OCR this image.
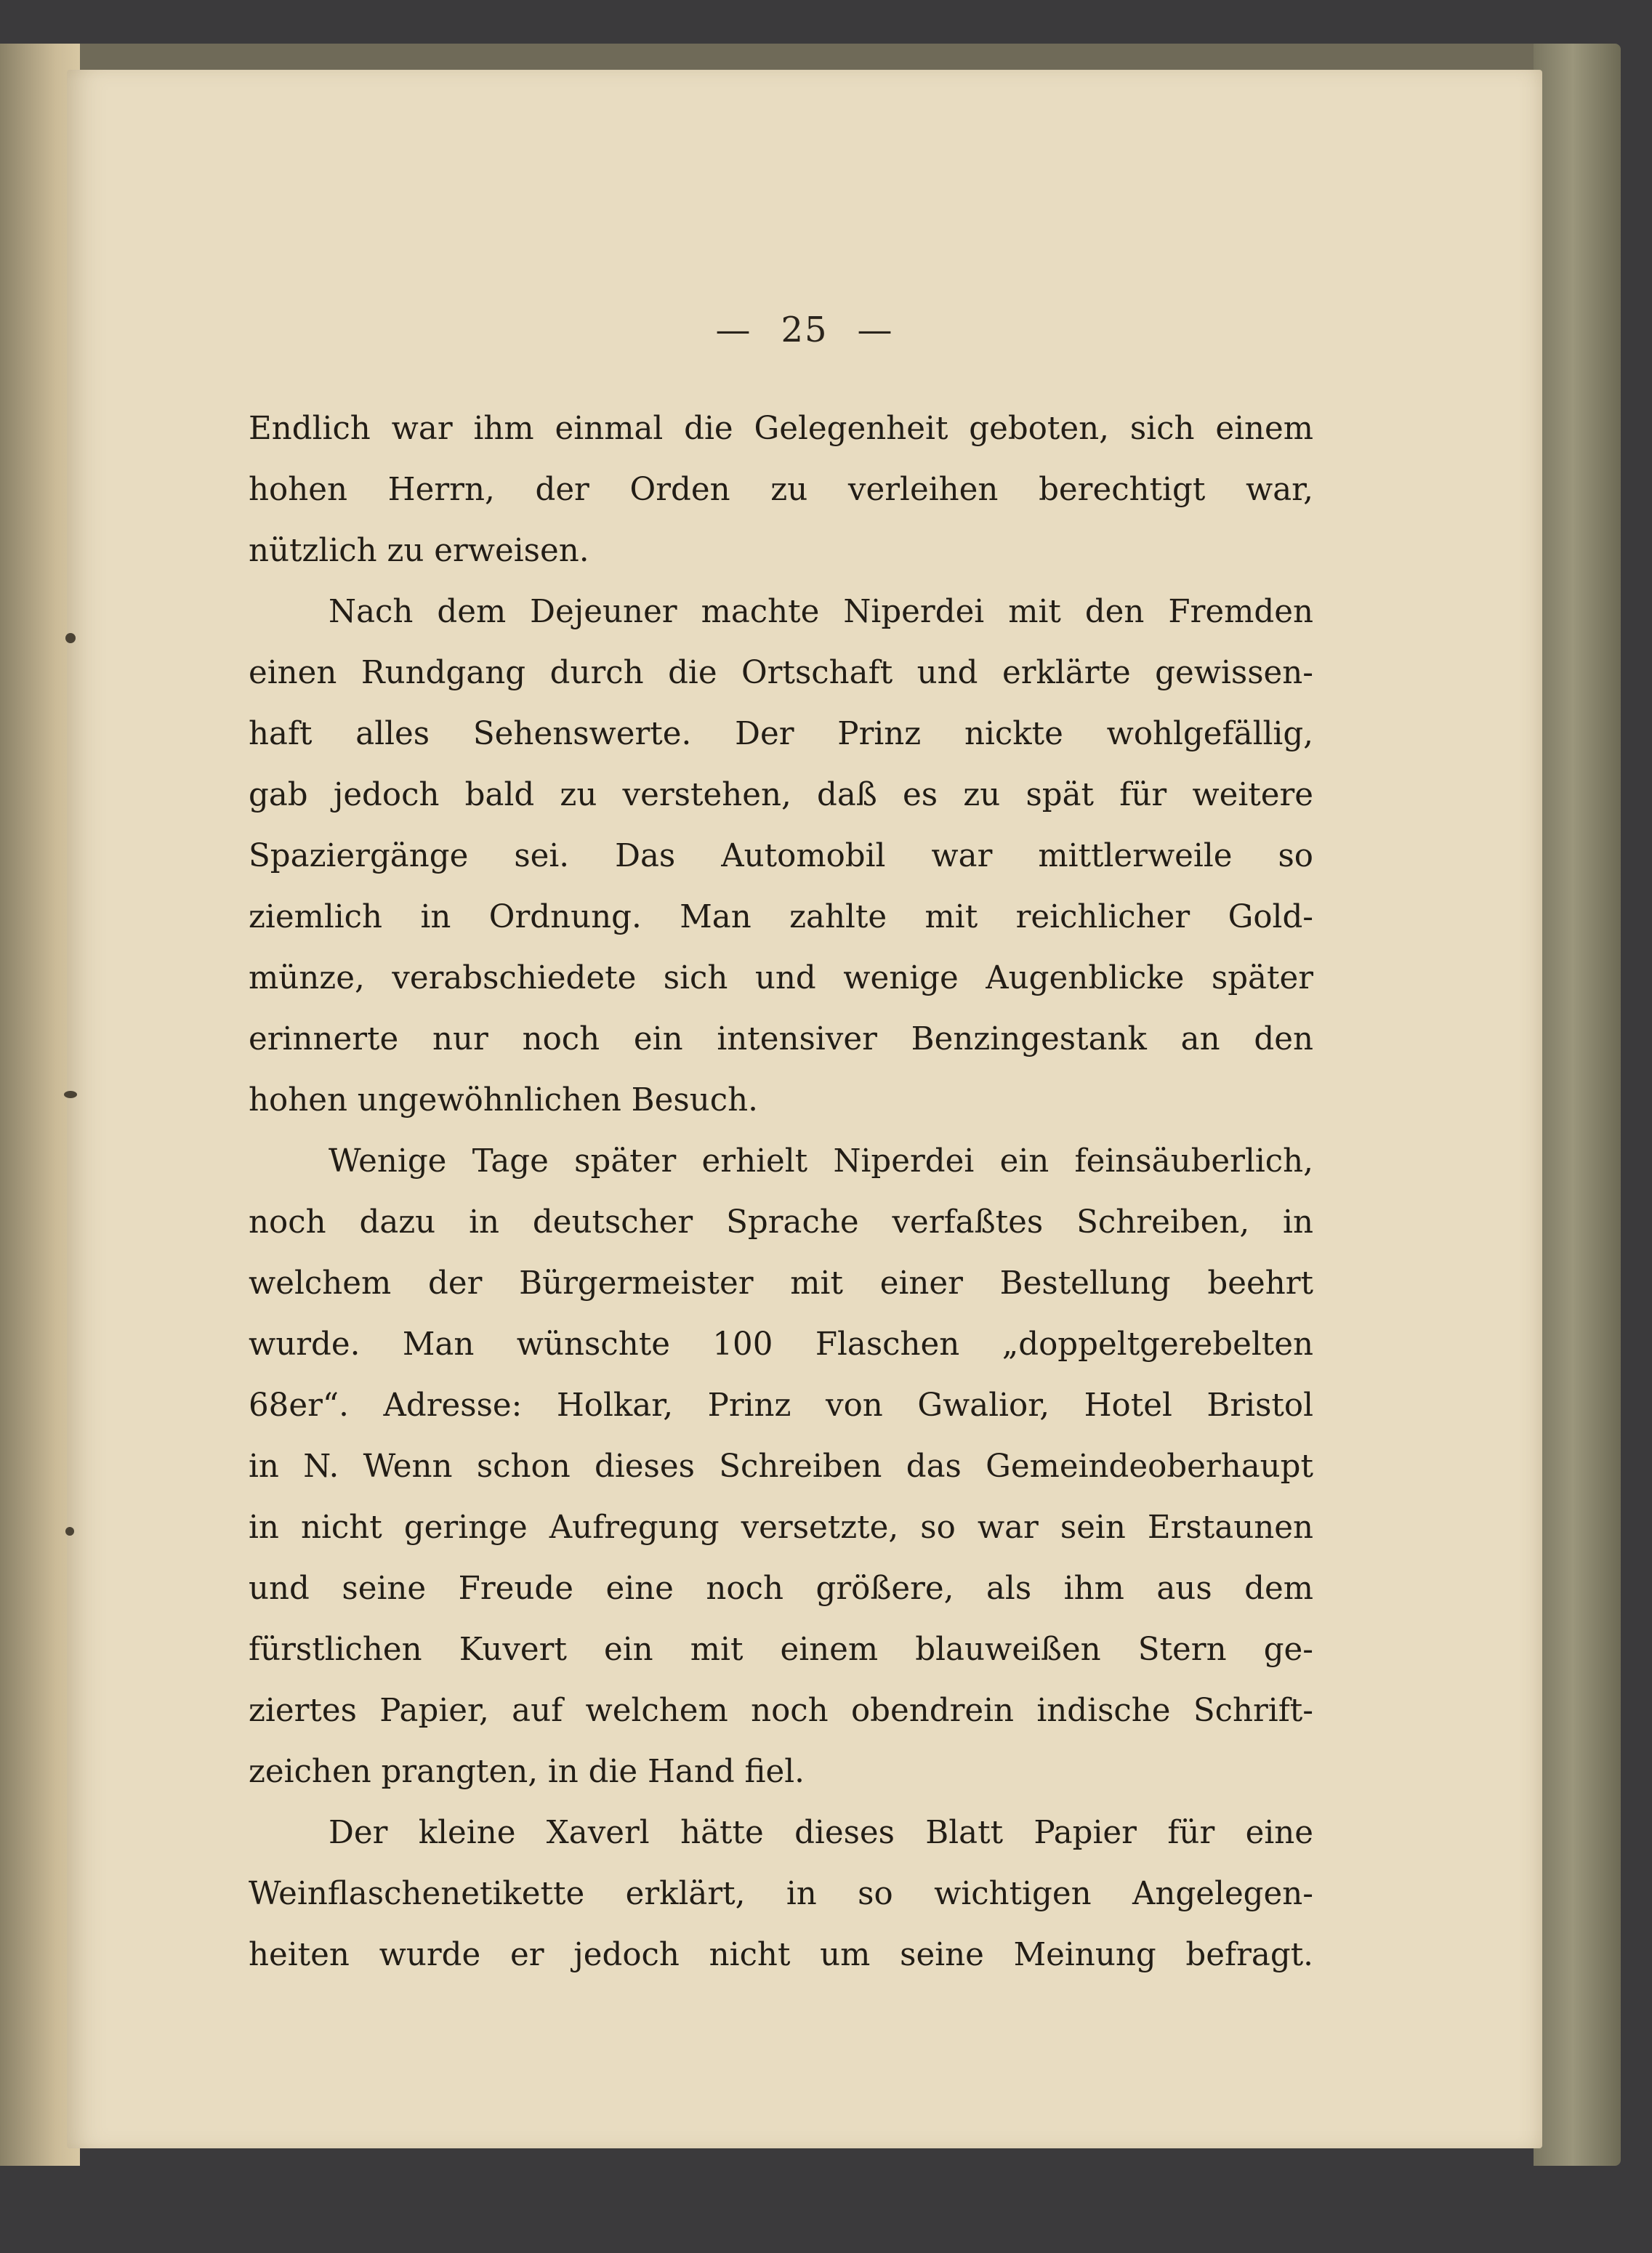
— 25 —
Endlich war ihm einmal die Gelegenheit geboten, sich einem
hohen Herrn, der Orden zu verleihen berechtigt war,
nützlich zu erweisen.
Nach dem Dejeuner machte Niperdei mit den Fremden
einen Rundgang durch die Ortschaft und erklärte gewissen-
haft alles Sehenswerte. Der Prinz nickte wohlgefällig,
gab jedoch bald zu verstehen, daß es zu spät für weitere
Spaziergänge sei. Das Automobil war mittlerweile so
ziemlich in Ordnung. Man zahlte mit reichlicher Gold-
münze, verabschiedete sich und wenige Augenblicke später
erinnerte nur noch ein intensiver Benzingestank an den
hohen ungewöhnlichen Besuch.
Wenige Tage später erhielt Niperdei ein feinsäuberlich,
noch dazu in deutscher Sprache verfaßtes Schreiben, in
welchem der Bürgermeister mit einer Bestellung beehrt
wurde. Man wünschte 100 Flaschen „doppeltgerebelten
68er“. Adresse: Holkar, Prinz von Gwalior, Hotel Bristol
in N. Wenn schon dieses Schreiben das Gemeindeoberhaupt
in nicht geringe Aufregung versetzte, so war sein Erstaunen
und seine Freude eine noch größere, als ihm aus dem
fürstlichen Kuvert ein mit einem blauweißen Stern ge-
ziertes Papier, auf welchem noch obendrein indische Schrift-
zeichen prangten, in die Hand fiel.
Der kleine Xaverl hätte dieses Blatt Papier für eine
Weinflaschenetikette erklärt, in so wichtigen Angelegen-
heiten wurde er jedoch nicht um seine Meinung befragt.
